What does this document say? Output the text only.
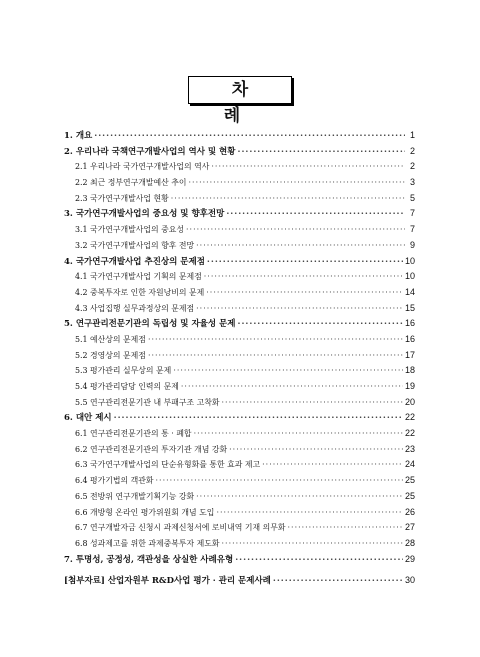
차 례
1. 개요 ·····	1
2. 우리나라 국책연구개발사업의 역사 및 현황 ·····	2
2.1 우리나라 국가연구개발사업의 역사 ·····	2
2.2 최근 정부연구개발예산 추이 ·····	3
2.3 국가연구개발사업 현황 ·····	5
3. 국가연구개발사업의 중요성 및 향후전망 ·····	7
3.1 국가연구개발사업의 중요성 ·····	7
3.2 국가연구개발사업의 향후 전망 ·····	9
4. 국가연구개발사업 추진상의 문제점 ·····	10
4.1 국가연구개발사업 기획의 문제점 ·····	10
4.2 중복투자로 인한 자원낭비의 문제 ·····	14
4.3 사업집행 실무과정상의 문제점 ·····	15
5. 연구관리전문기관의 독립성 및 자율성 문제 ·····	16
5.1 예산상의 문제점 ·····	16
5.2 경영상의 문제점 ·····	17
5.3 평가관리 실무상의 문제 ·····	18
5.4 평가관리담당 인력의 문제 ·····	19
5.5 연구관리전문기관 내 부패구조 고착화 ·····	20
6. 대안 제시 ·····	22
6.1 연구관리전문기관의 통 · 폐합 ·····	22
6.2 연구관리전문기관의 투자기관 개념 강화 ·····	23
6.3 국가연구개발사업의 단순유형화를 통한 효과 제고 ·····	24
6.4 평가기법의 객관화 ·····	25
6.5 전방위 연구개발기획기능 강화 ·····	25
6.6 개방형 온라인 평가위원회 개념 도입 ·····	26
6.7 연구개발자금 신청시 과제신청서에 로비내역 기재 의무화 ·····	27
6.8 성과제고를 위한 과제중복투자 제도화 ·····	28
7. 투명성, 공정성, 객관성을 상실한 사례유형 ·····	29
[첨부자료] 산업자원부 R&D사업 평가 · 관리 문제사례 ·····	30
